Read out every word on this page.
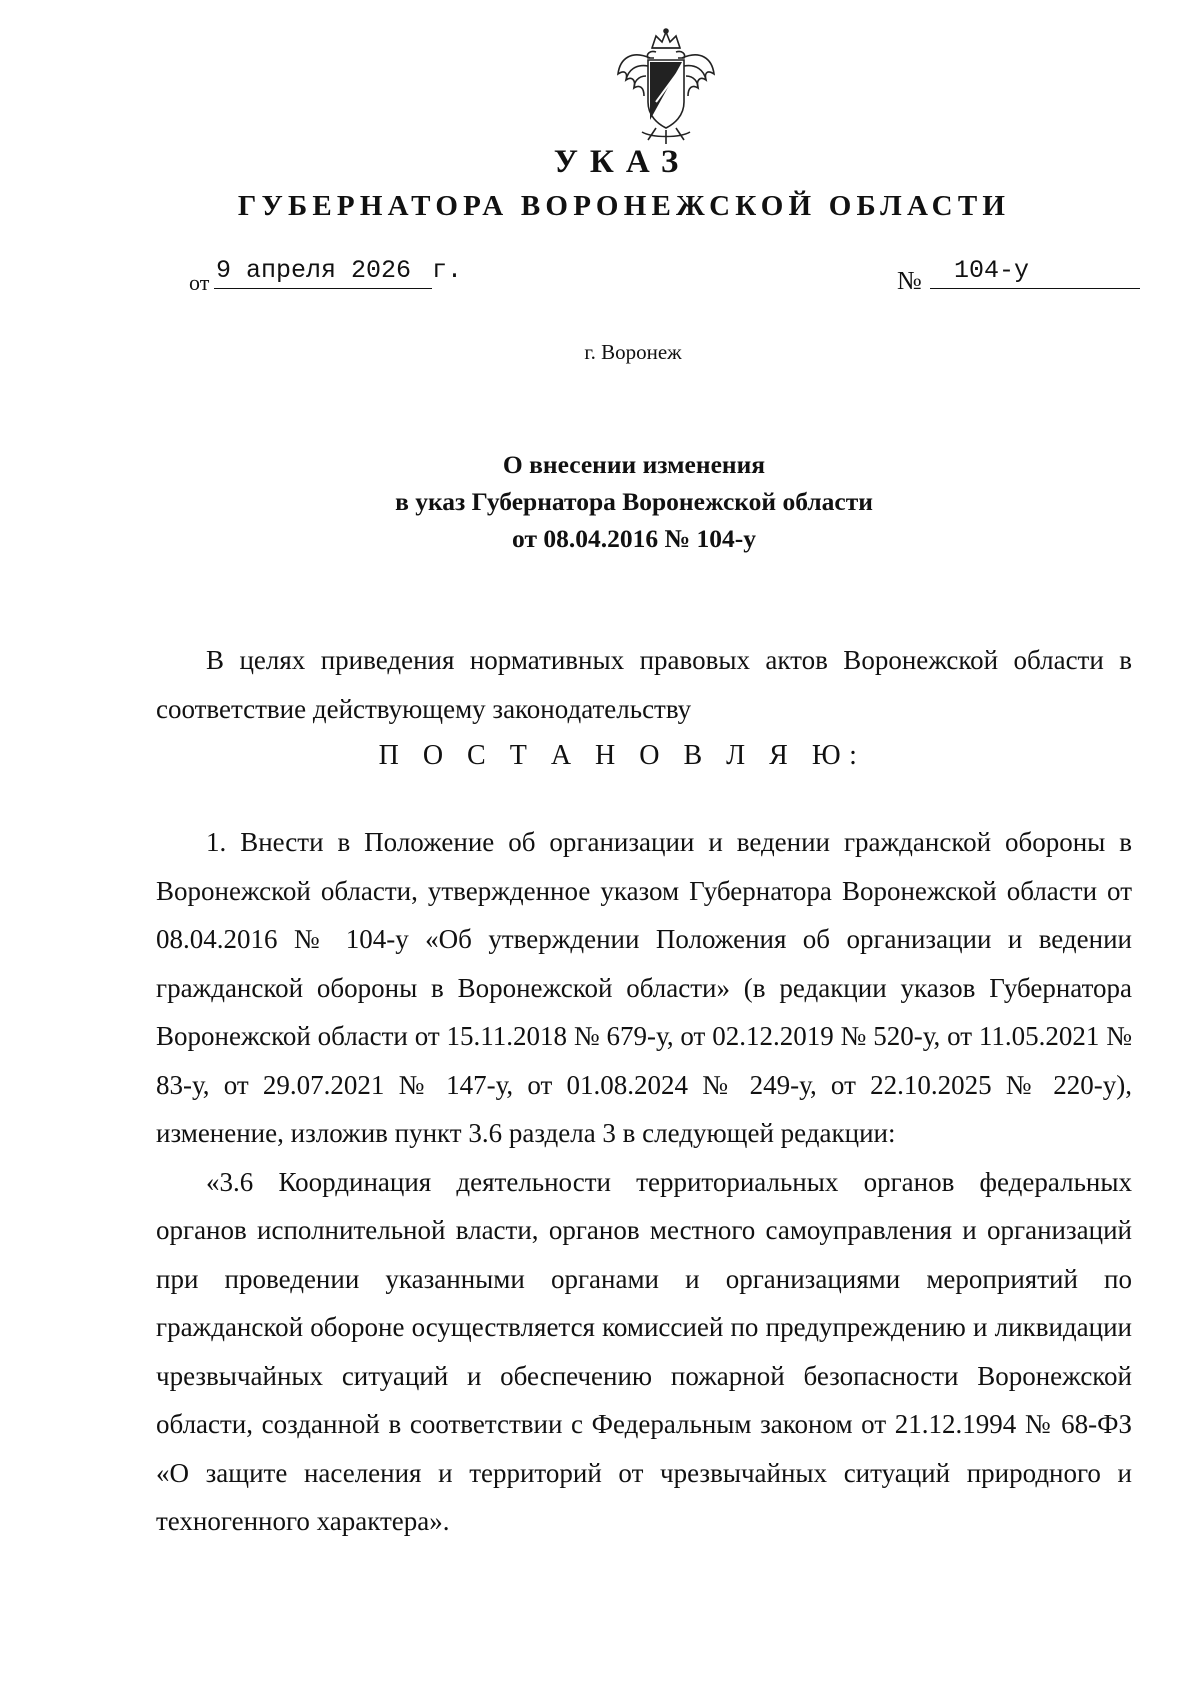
УКАЗ
ГУБЕРНАТОРА ВОРОНЕЖСКОЙ ОБЛАСТИ
от 9 апреля 2026 г.	№ 104-у
г. Воронеж
О внесении изменения
в указ Губернатора Воронежской области
от 08.04.2016 № 104-у

В целях приведения нормативных правовых актов Воронежской области в соответствие действующему законодательству

П О С Т А Н О В Л Я Ю:

1. Внести в Положение об организации и ведении гражданской обороны в Воронежской области, утвержденное указом Губернатора Воронежской области от 08.04.2016 № 104-у «Об утверждении Положения об организации и ведении гражданской обороны в Воронежской области» (в редакции указов Губернатора Воронежской области от 15.11.2018 № 679-у, от 02.12.2019 № 520-у, от 11.05.2021 № 83-у, от 29.07.2021 № 147-у, от 01.08.2024 № 249-у, от 22.10.2025 № 220-у), изменение, изложив пункт 3.6 раздела 3 в следующей редакции:

«3.6 Координация деятельности территориальных органов федеральных органов исполнительной власти, органов местного самоуправления и организаций при проведении указанными органами и организациями мероприятий по гражданской обороне осуществляется комиссией по предупреждению и ликвидации чрезвычайных ситуаций и обеспечению пожарной безопасности Воронежской области, созданной в соответствии с Федеральным законом от 21.12.1994 № 68-ФЗ «О защите населения и территорий от чрезвычайных ситуаций природного и техногенного характера».
